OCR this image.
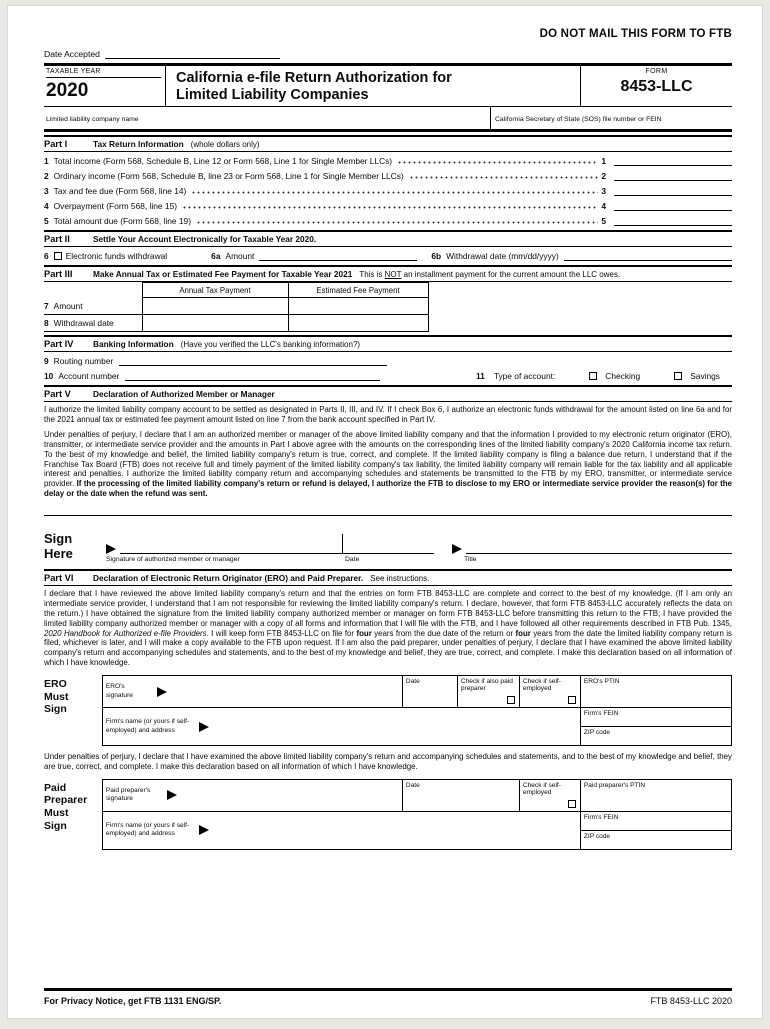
DO NOT MAIL THIS FORM TO FTB
Date Accepted
TAXABLE YEAR
2020
California e-file Return Authorization for
Limited Liability Companies
FORM
8453-LLC
Limited liability company name	California Secretary of State (SOS) file number or FEIN
Part I	Tax Return Information (whole dollars only)
1 Total income (Form 568, Schedule B, Line 12 or Form 568, Line 1 for Single Member LLCs)	1
2 Ordinary income (Form 568, Schedule B, line 23 or Form 568, Line 1 for Single Member LLCs)	2
3 Tax and fee due (Form 568, line 14)	3
4 Overpayment (Form 568, line 15)	4
5 Total amount due (Form 568, line 19)	5
Part II	Settle Your Account Electronically for Taxable Year 2020.
6 Electronic funds withdrawal	6a Amount	6b Withdrawal date (mm/dd/yyyy)
Part III	Make Annual Tax or Estimated Fee Payment for Taxable Year 2021 This is NOT an installment payment for the current amount the LLC owes.
	Annual Tax Payment	Estimated Fee Payment
7 Amount		
8 Withdrawal date		
Part IV	Banking Information (Have you verified the LLC's banking information?)
9 Routing number
10 Account number	11 Type of account:	Checking	Savings
Part V	Declaration of Authorized Member or Manager

I authorize the limited liability company account to be settled as designated in Parts II, III, and IV. If I check Box 6, I authorize an electronic funds withdrawal for the amount listed on line 6a and for the 2021 annual tax or estimated fee payment amount listed on line 7 from the bank account specified in Part IV.

Under penalties of perjury, I declare that I am an authorized member or manager of the above limited liability company and that the information I provided to my electronic return originator (ERO), transmitter, or intermediate service provider and the amounts in Part I above agree with the amounts on the corresponding lines of the limited liability company's 2020 California income tax return. To the best of my knowledge and belief, the limited liability company's return is true, correct, and complete. If the limited liability company is filing a balance due return, I understand that if the Franchise Tax Board (FTB) does not receive full and timely payment of the limited liability company's tax liability, the limited liability company will remain liable for the tax liability and all applicable interest and penalties. I authorize the limited liability company return and accompanying schedules and statements be transmitted to the FTB by my ERO, transmitter, or intermediate service provider. If the processing of the limited liability company's return or refund is delayed, I authorize the FTB to disclose to my ERO or intermediate service provider the reason(s) for the delay or the date when the refund was sent.

Sign
Here	Signature of authorized member or manager	Date	Title
Part VI	Declaration of Electronic Return Originator (ERO) and Paid Preparer. See instructions.

I declare that I have reviewed the above limited liability company's return and that the entries on form FTB 8453-LLC are complete and correct to the best of my knowledge. (If I am only an intermediate service provider, I understand that I am not responsible for reviewing the limited liability company's return. I declare, however, that form FTB 8453-LLC accurately reflects the data on the return.) I have obtained the signature from the limited liability company authorized member or manager on form FTB 8453-LLC before transmitting this return to the FTB; I have provided the limited liability company authorized member or manager with a copy of all forms and information that I will file with the FTB, and I have followed all other requirements described in FTB Pub. 1345, 2020 Handbook for Authorized e-file Providers. I will keep form FTB 8453-LLC on file for four years from the due date of the return or four years from the date the limited liability company return is filed, whichever is later, and I will make a copy available to the FTB upon request. If I am also the paid preparer, under penalties of perjury, I declare that I have examined the above limited liability company's return and accompanying schedules and statements, and to the best of my knowledge and belief, they are true, correct, and complete. I make this declaration based on all information of which I have knowledge.

ERO
Must
Sign
ERO's signature	Date	Check if also paid preparer	Check if self-employed	ERO's PTIN

Firm's name (or yours if self-employed) and address				Firm's FEIN
				ZIP code

Under penalties of perjury, I declare that I have examined the above limited liability company's return and accompanying schedules and statements, and to the best of my knowledge and belief, they are true, correct, and complete. I make this declaration based on all information of which I have knowledge.

Paid
Preparer
Must
Sign
Paid preparer's signature	Date	Check if self-employed	Paid preparer's PTIN

Firm's name (or yours if self-employed) and address			Firm's FEIN
			ZIP code
For Privacy Notice, get FTB 1131 ENG/SP.	FTB 8453-LLC 2020
